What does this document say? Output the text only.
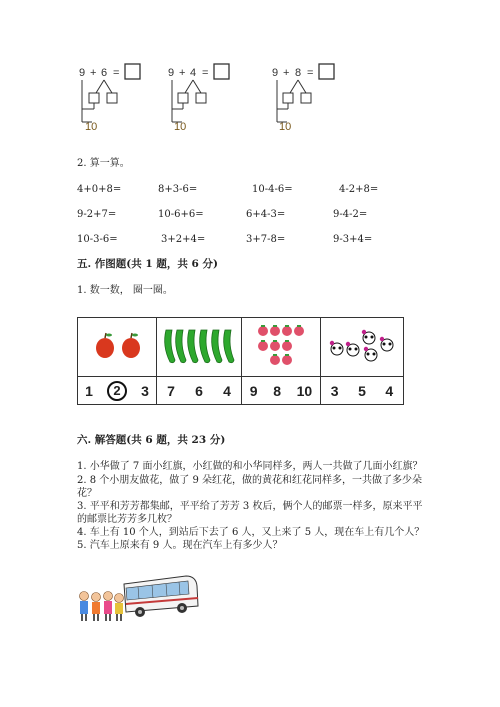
9 + 6 =
10
9 + 4 =
10
9 + 8 =
10
2. 算一算。
4+0+8=	8+3-6=	10-4-6=	4-2+8=
9-2+7=	10-6+6=	6+4-3=	9-4-2=
10-3-6=	3+2+4=	3+7-8=	9-3+4=
五. 作图题(共 1 题，共 6 分)
1. 数一数， 圈一圈。

1 2 3	7 6 4	9 8 10	3 5 4
六. 解答题(共 6 题，共 23 分)
1. 小华做了 7 面小红旗，小红做的和小华同样多，两人一共做了几面小红旗？
2. 8 个小朋友做花，做了 9 朵红花，做的黄花和红花同样多，一共做了多少朵
花？
3. 平平和芳芳都集邮，平平给了芳芳 3 枚后，俩个人的邮票一样多，原来平平
的邮票比芳芳多几枚？
4. 车上有 10 个人，到站后下去了 6 人，又上来了 5 人，现在车上有几个人？
5. 汽车上原来有 9 人。现在汽车上有多少人？
